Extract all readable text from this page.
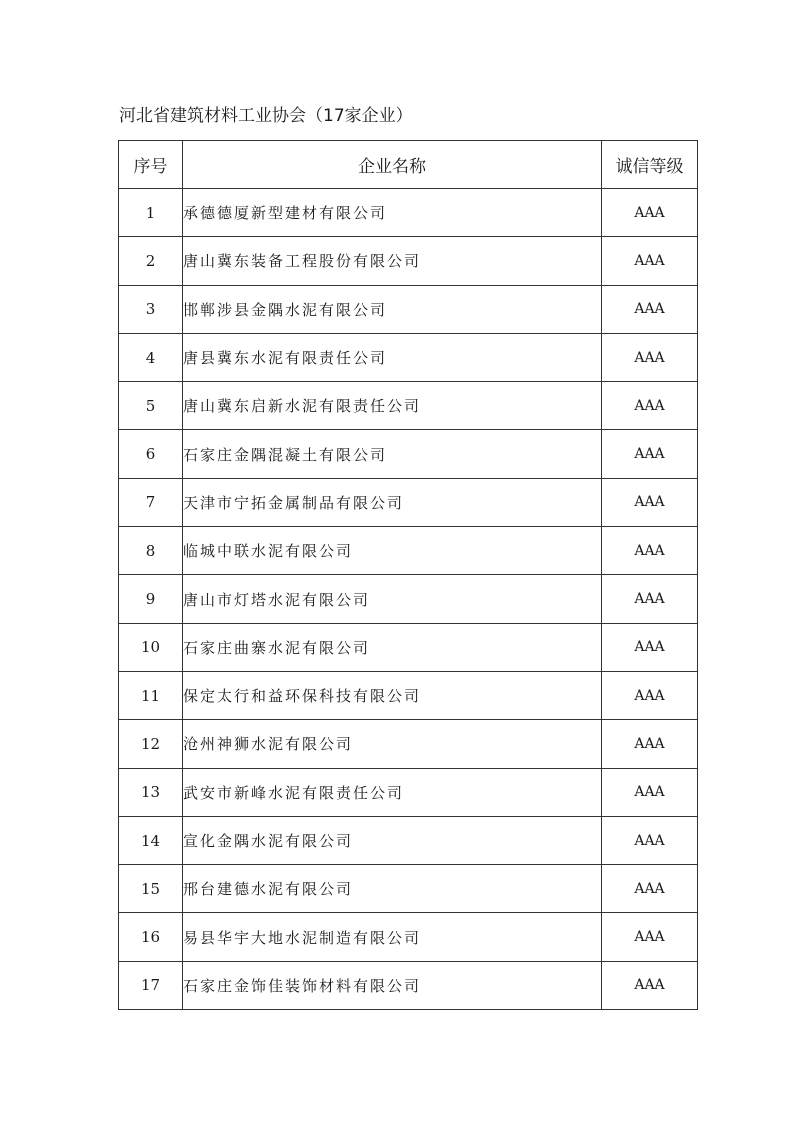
河北省建筑材料工业协会（17家企业）
序号	企业名称	诚信等级
1	承德德厦新型建材有限公司	AAA
2	唐山冀东装备工程股份有限公司	AAA
3	邯郸涉县金隅水泥有限公司	AAA
4	唐县冀东水泥有限责任公司	AAA
5	唐山冀东启新水泥有限责任公司	AAA
6	石家庄金隅混凝土有限公司	AAA
7	天津市宁拓金属制品有限公司	AAA
8	临城中联水泥有限公司	AAA
9	唐山市灯塔水泥有限公司	AAA
10	石家庄曲寨水泥有限公司	AAA
11	保定太行和益环保科技有限公司	AAA
12	沧州神狮水泥有限公司	AAA
13	武安市新峰水泥有限责任公司	AAA
14	宣化金隅水泥有限公司	AAA
15	邢台建德水泥有限公司	AAA
16	易县华宇大地水泥制造有限公司	AAA
17	石家庄金饰佳装饰材料有限公司	AAA
